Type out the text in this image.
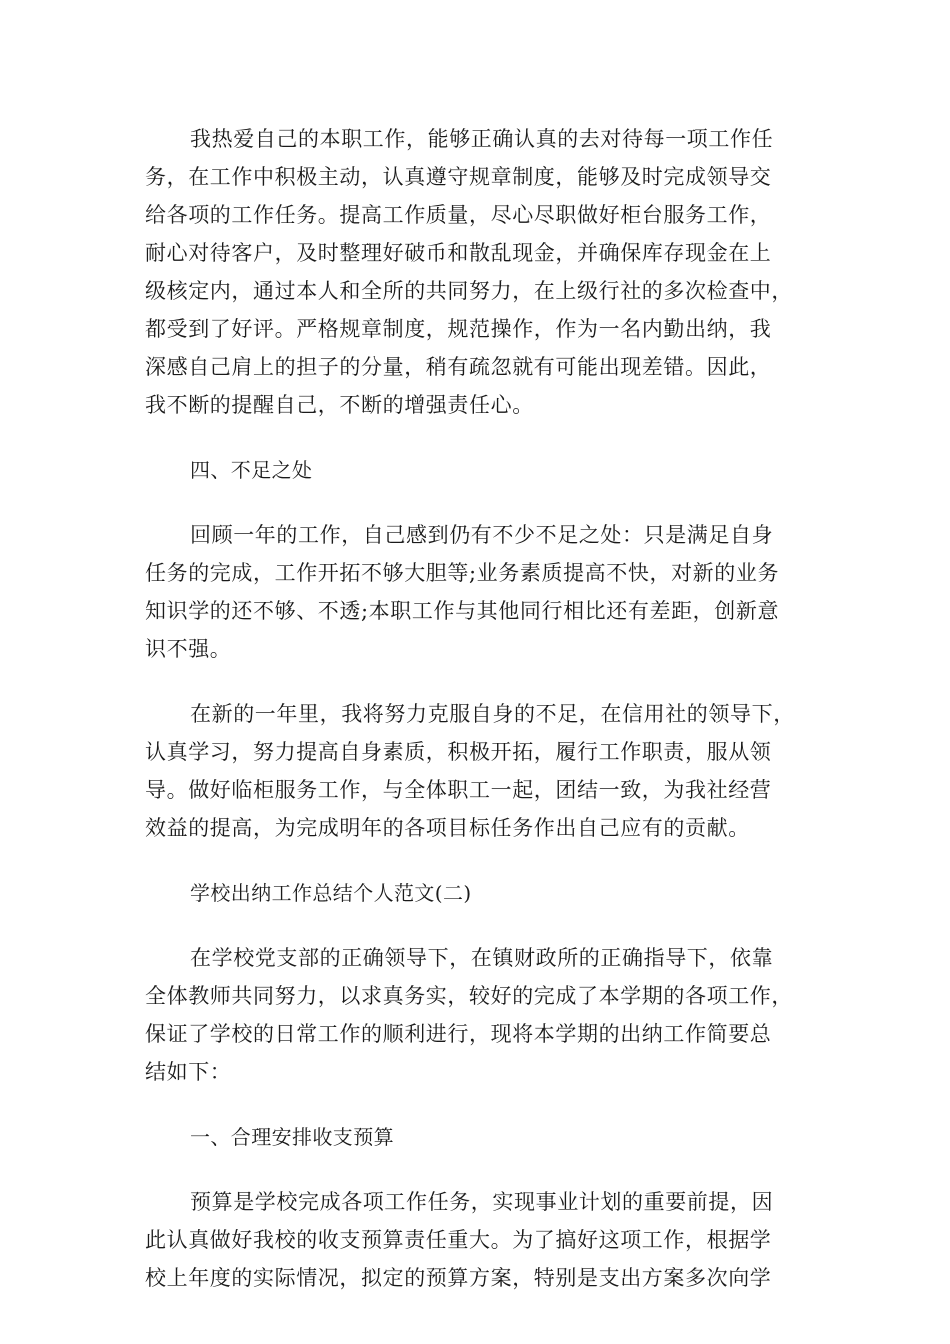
我热爱自己的本职工作，能够正确认真的去对待每一项工作任
务，在工作中积极主动，认真遵守规章制度，能够及时完成领导交
给各项的工作任务。提高工作质量，尽心尽职做好柜台服务工作，
耐心对待客户，及时整理好破币和散乱现金，并确保库存现金在上
级核定内，通过本人和全所的共同努力，在上级行社的多次检查中，
都受到了好评。严格规章制度，规范操作，作为一名内勤出纳，我
深感自己肩上的担子的分量，稍有疏忽就有可能出现差错。因此，
我不断的提醒自己，不断的增强责任心。
四、不足之处
回顾一年的工作，自己感到仍有不少不足之处：只是满足自身
任务的完成，工作开拓不够大胆等;业务素质提高不快，对新的业务
知识学的还不够、不透;本职工作与其他同行相比还有差距，创新意
识不强。
在新的一年里，我将努力克服自身的不足，在信用社的领导下，
认真学习，努力提高自身素质，积极开拓，履行工作职责，服从领
导。做好临柜服务工作，与全体职工一起，团结一致，为我社经营
效益的提高，为完成明年的各项目标任务作出自己应有的贡献。
学校出纳工作总结个人范文(二)
在学校党支部的正确领导下，在镇财政所的正确指导下，依靠
全体教师共同努力，以求真务实，较好的完成了本学期的各项工作，
保证了学校的日常工作的顺利进行，现将本学期的出纳工作简要总
结如下：
一、合理安排收支预算
预算是学校完成各项工作任务，实现事业计划的重要前提，因
此认真做好我校的收支预算责任重大。为了搞好这项工作，根据学
校上年度的实际情况，拟定的预算方案，特别是支出方案多次向学
